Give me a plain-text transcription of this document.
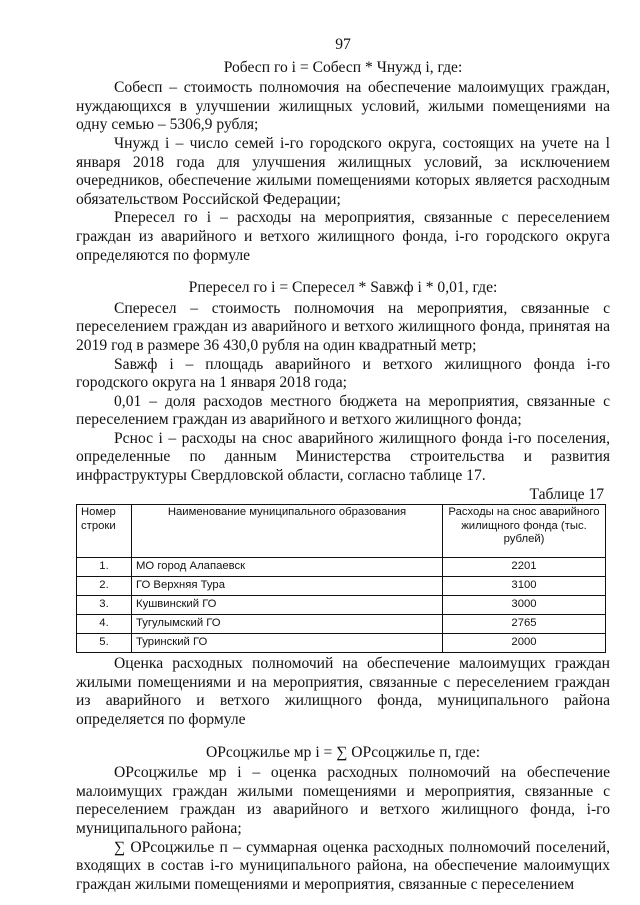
97
Робесп го i = Собесп * Чнужд i, где:

Собесп – стоимость полномочия на обеспечение малоимущих граждан, нуждающихся в улучшении жилищных условий, жилыми помещениями на одну семью – 5306,9 рубля;

Чнужд i – число семей i-го городского округа, состоящих на учете на l января 2018 года для улучшения жилищных условий, за исключением очередников, обеспечение жилыми помещениями которых является расходным обязательством Российской Федерации;

Рпересел го i – расходы на мероприятия, связанные с переселением граждан из аварийного и ветхого жилищного фонда, i-го городского округа определяются по формуле

Рпересел го i = Спересел * Sавжф i * 0,01, где:

Спересел – стоимость полномочия на мероприятия, связанные с переселением граждан из аварийного и ветхого жилищного фонда, принятая на 2019 год в размере 36 430,0 рубля на один квадратный метр;

Sавжф i – площадь аварийного и ветхого жилищного фонда i-го городского округа на 1 января 2018 года;

0,01 – доля расходов местного бюджета на мероприятия, связанные с переселением граждан из аварийного и ветхого жилищного фонда;

Рснос i – расходы на снос аварийного жилищного фонда i-го поселения, определенные по данным Министерства строительства и развития инфраструктуры Свердловской области, согласно таблице 17.

Таблице 17
Номер строки	Наименование муниципального образования	Расходы на снос аварийного жилищного фонда (тыс. рублей)
1.	МО город Алапаевск	2201
2.	ГО Верхняя Тура	3100
3.	Кушвинский ГО	3000
4.	Тугулымский ГО	2765
5.	Туринский ГО	2000

Оценка расходных полномочий на обеспечение малоимущих граждан жилыми помещениями и на мероприятия, связанные с переселением граждан из аварийного и ветхого жилищного фонда, муниципального района определяется по формуле

ОРсоцжилье мр i = ∑ ОРсоцжилье п, где:

ОРсоцжилье мр i – оценка расходных полномочий на обеспечение малоимущих граждан жилыми помещениями и мероприятия, связанные с переселением граждан из аварийного и ветхого жилищного фонда, i-го муниципального района;

∑ ОРсоцжилье п – суммарная оценка расходных полномочий поселений, входящих в состав i-го муниципального района, на обеспечение малоимущих граждан жилыми помещениями и мероприятия, связанные с переселением
